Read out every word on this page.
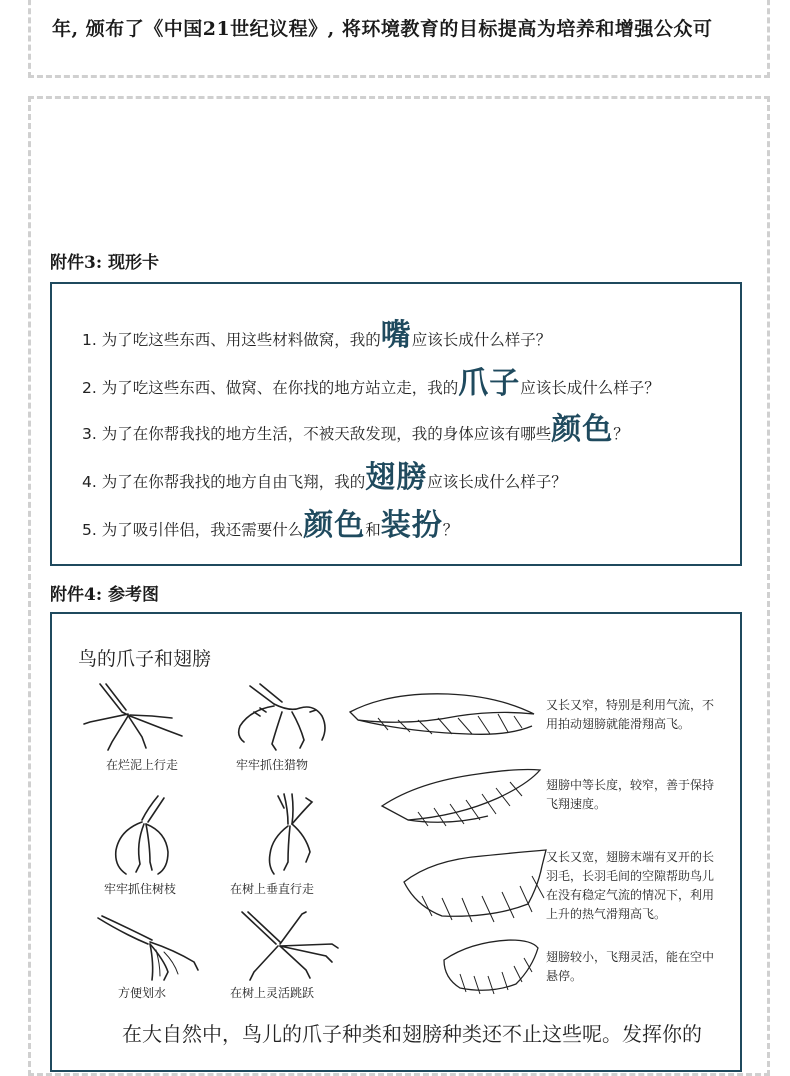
年, 颁布了《中国21世纪议程》, 将环境教育的目标提高为培养和增强公众可
附件3: 现形卡
1. 为了吃这些东西、用这些材料做窝，我的嘴应该长成什么样子？
2. 为了吃这些东西、做窝、在你找的地方站立走，我的爪子应该长成什么样子？
3. 为了在你帮我找的地方生活，不被天敌发现，我的身体应该有哪些颜色？
4. 为了在你帮我找的地方自由飞翔，我的翅膀应该长成什么样子？
5. 为了吸引伴侣，我还需要什么颜色和装扮？
附件4: 参考图
鸟的爪子和翅膀
在烂泥上行走	牢牢抓住猎物
牢牢抓住树枝	在树上垂直行走
方便划水	在树上灵活跳跃
又长又窄，特别是利用气流，不用拍动翅膀就能滑翔高飞。
翅膀中等长度，较窄，善于保持飞翔速度。
又长又宽，翅膀末端有叉开的长羽毛，长羽毛间的空隙帮助鸟儿在没有稳定气流的情况下，利用上升的热气滑翔高飞。
翅膀较小，飞翔灵活，能在空中悬停。
在大自然中，鸟儿的爪子种类和翅膀种类还不止这些呢。发挥你的
